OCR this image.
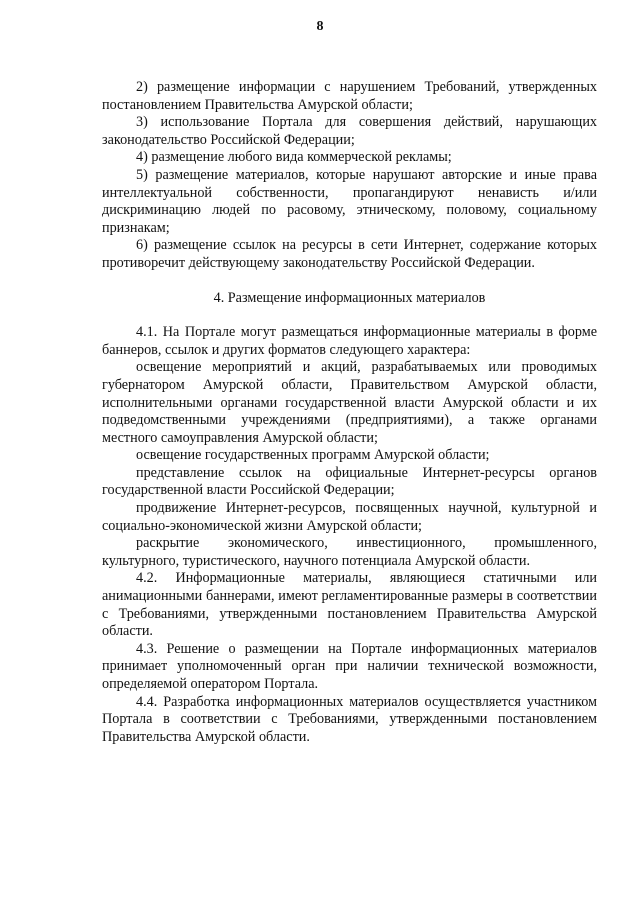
8

2) размещение информации с нарушением Требований, утвержденных постановлением Правительства Амурской области;

3) использование Портала для совершения действий, нарушающих законодательство Российской Федерации;

4) размещение любого вида коммерческой рекламы;

5) размещение материалов, которые нарушают авторские и иные права интеллектуальной собственности, пропагандируют ненависть и/или дискриминацию людей по расовому, этническому, половому, социальному признакам;

6) размещение ссылок на ресурсы в сети Интернет, содержание которых противоречит действующему законодательству Российской Федерации.

4. Размещение информационных материалов

4.1. На Портале могут размещаться информационные материалы в форме баннеров, ссылок и других форматов следующего характера:

освещение мероприятий и акций, разрабатываемых или проводимых губернатором Амурской области, Правительством Амурской области, исполнительными органами государственной власти Амурской области и их подведомственными учреждениями (предприятиями), а также органами местного самоуправления Амурской области;

освещение государственных программ Амурской области;

представление ссылок на официальные Интернет-ресурсы органов государственной власти Российской Федерации;

продвижение Интернет-ресурсов, посвященных научной, культурной и социально-экономической жизни Амурской области;

раскрытие экономического, инвестиционного, промышленного, культурного, туристического, научного потенциала Амурской области.

4.2. Информационные материалы, являющиеся статичными или анимационными баннерами, имеют регламентированные размеры в соответствии с Требованиями, утвержденными постановлением Правительства Амурской области.

4.3. Решение о размещении на Портале информационных материалов принимает уполномоченный орган при наличии технической возможности, определяемой оператором Портала.

4.4. Разработка информационных материалов осуществляется участником Портала в соответствии с Требованиями, утвержденными постановлением Правительства Амурской области.
